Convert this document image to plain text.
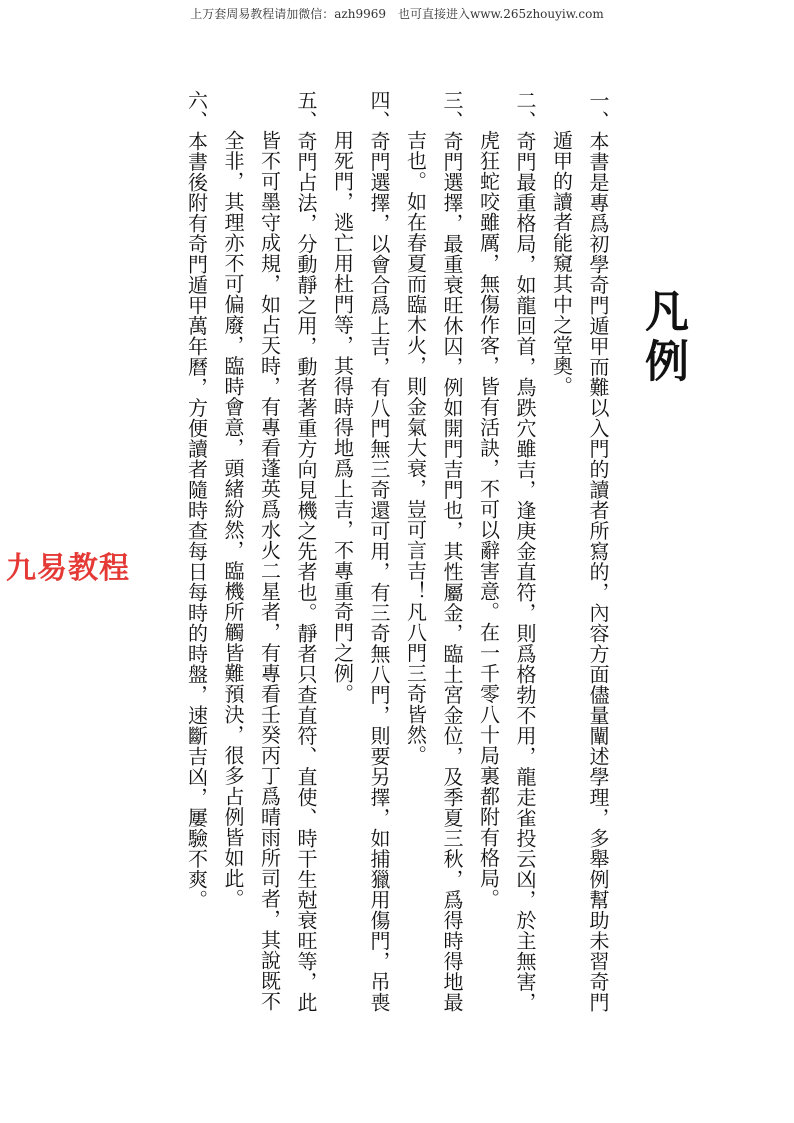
上万套周易教程请加微信：azh9969　也可直接进入www.265zhouyiw.com
凡例
九易教程	一、本書是專爲初學奇門遁甲而難以入門的讀者所寫的，內容方面儘量闡述學理，多舉例幫助未習奇門
遁甲的讀者能窺其中之堂奧。
二、奇門最重格局，如龍回首，鳥跌穴雖吉，逢庚金直符，則爲格勃不用，龍走雀投云凶，於主無害，
虎狂蛇咬雖厲，無傷作客，皆有活訣，不可以辭害意。在一千零八十局裏都附有格局。
三、奇門選擇，最重衰旺休囚，例如開門吉門也，其性屬金，臨土宮金位，及季夏三秋，爲得時得地最
吉也。如在春夏而臨木火，則金氣大衰，豈可言吉！凡八門三奇皆然。
四、奇門選擇，以會合爲上吉，有八門無三奇還可用，有三奇無八門，則要另擇，如捕獵用傷門，吊喪
用死門，逃亡用杜門等，其得時得地爲上吉，不專重奇門之例。
五、奇門占法，分動靜之用，動者著重方向見機之先者也。靜者只查直符、直使、時干生尅衰旺等，此
皆不可墨守成規，如占天時，有專看蓬英爲水火二星者，有專看壬癸丙丁爲晴雨所司者，其說既不
全非，其理亦不可偏廢，臨時會意，頭緒紛然，臨機所觸皆難預決，很多占例皆如此。
六、本書後附有奇門遁甲萬年曆，方便讀者隨時查每日每時的時盤，速斷吉凶，屢驗不爽。
